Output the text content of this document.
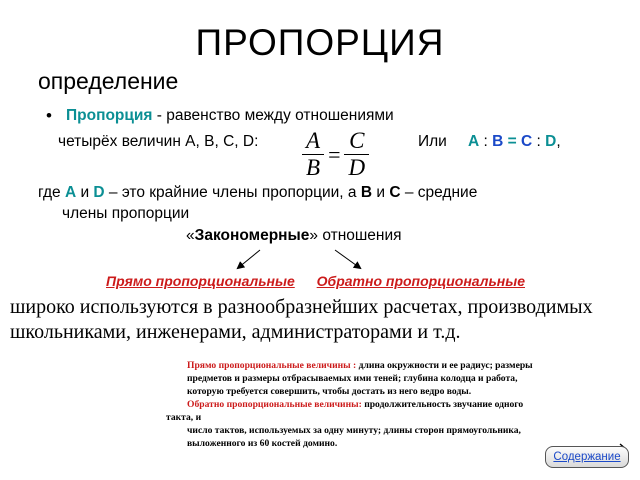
ПРОПОРЦИЯ
определение
• Пропорция - равенство между отношениями
четырёх величин А, В, С, D: $\frac{A}{B} = \frac{C}{D}$	Или А : В = С : D,
где А и D – это крайние члены пропорции, а В и С – средние
члены пропорции
«Закономерные» отношения
Прямо пропорциональные Обратно пропорциональные
широко используются в разнообразнейших расчетах, производимых
школьниками, инженерами, администраторами и т.д.
Прямо пропорциональные величины : длина окружности и ее радиус; размеры
предметов и размеры отбрасываемых ими теней; глубина колодца и работа,
которую требуется совершить, чтобы достать из него ведро воды.
Обратно пропорциональные величины: продолжительность звучание одного
такта, и
число тактов, используемых за одну минуту; длины сторон прямоугольника,
выложенного из 60 костей домино.
Содержание
